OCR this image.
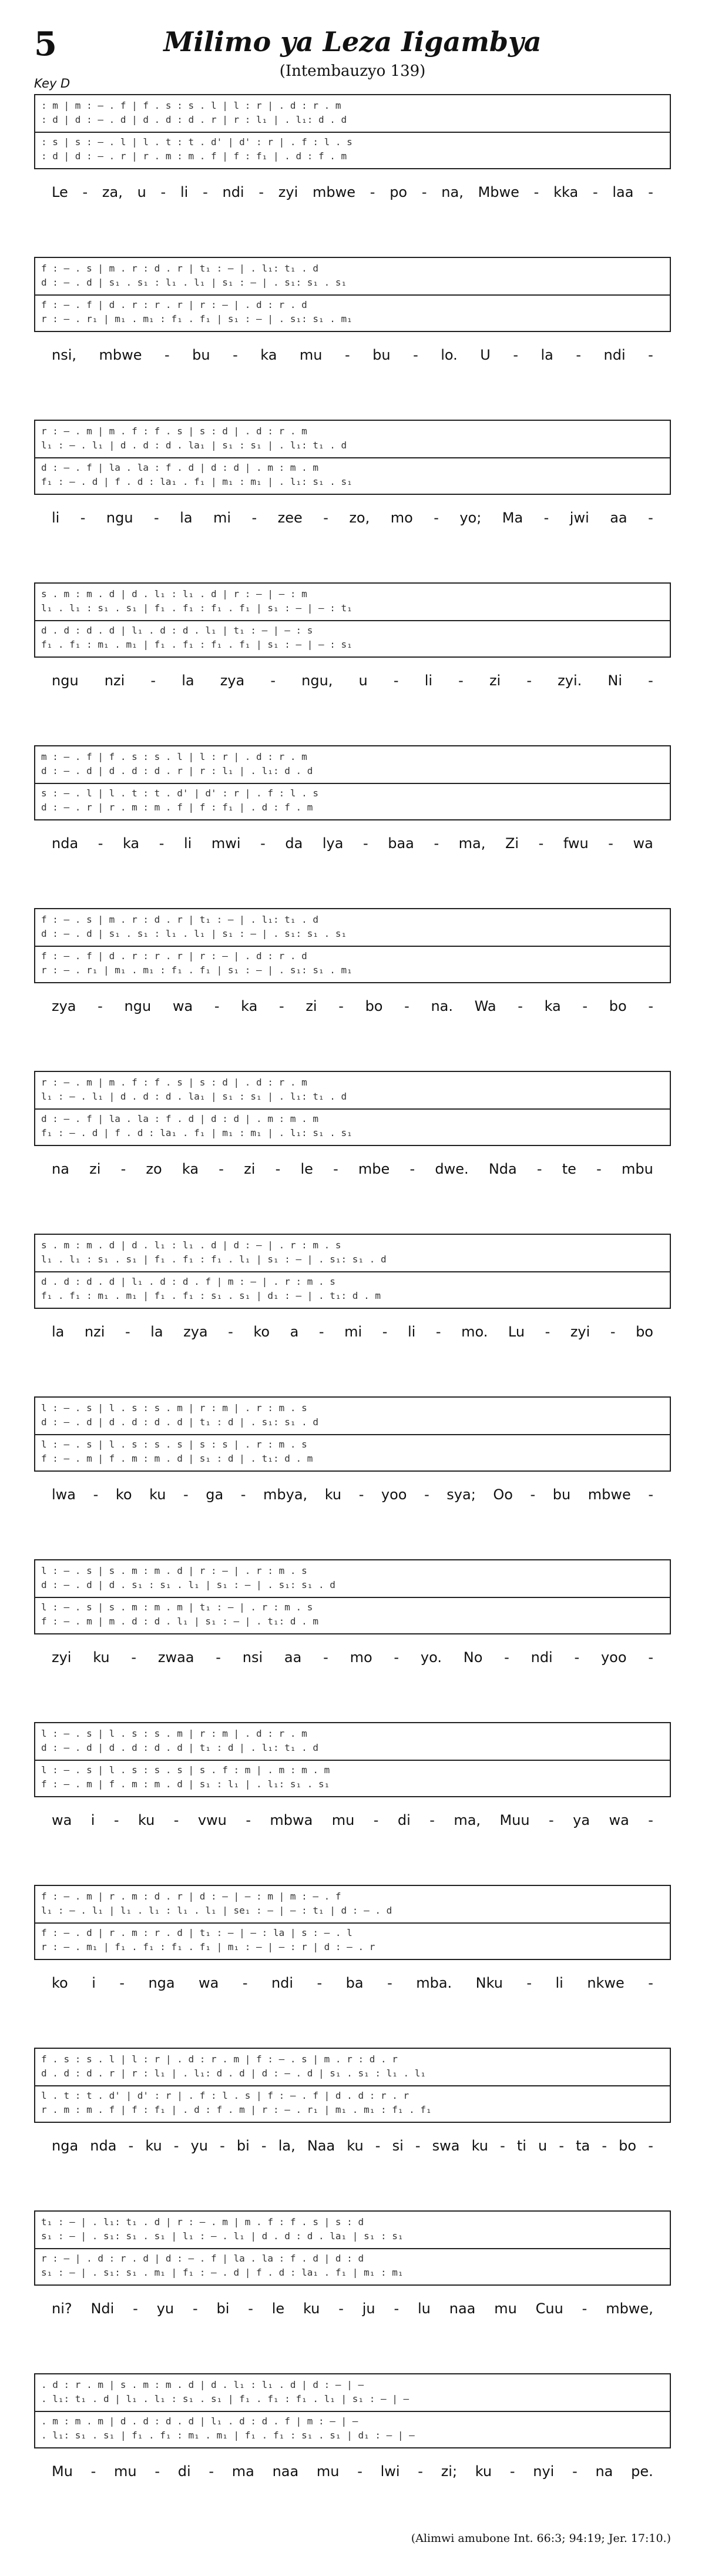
5	Milimo ya Leza Iigambya
(Intembauzyo 139)
Key D
: m | m : – . f | f . s : s . l | l : r | . d : r . m
: d | d : – . d | d . d : d . r | r : l₁ | . l₁: d . d
: s | s : – . l | l . t : t . d' | d' : r | . f : l . s
: d | d : – . r | r . m : m . f | f : f₁ | . d : f . m
Le - za, u - li - ndi - zyi mbwe - po - na, Mbwe - kka - laa -
f : – . s | m . r : d . r | t₁ : — | . l₁: t₁ . d
d : – . d | s₁ . s₁ : l₁ . l₁ | s₁ : — | . s₁: s₁ . s₁
f : – . f | d . r : r . r | r : — | . d : r . d
r : – . r₁ | m₁ . m₁ : f₁ . f₁ | s₁ : — | . s₁: s₁ . m₁
nsi, mbwe - bu - ka mu - bu - lo. U - la - ndi -
r : – . m | m . f : f . s | s : d | . d : r . m
l₁ : – . l₁ | d . d : d . la₁ | s₁ : s₁ | . l₁: t₁ . d
d : – . f | la . la : f . d | d : d | . m : m . m
f₁ : – . d | f . d : la₁ . f₁ | m₁ : m₁ | . l₁: s₁ . s₁
li - ngu - la mi - zee - zo, mo - yo; Ma - jwi aa -
s . m : m . d | d . l₁ : l₁ . d | r : — | — : m
l₁ . l₁ : s₁ . s₁ | f₁ . f₁ : f₁ . f₁ | s₁ : — | — : t₁
d . d : d . d | l₁ . d : d . l₁ | t₁ : — | — : s
f₁ . f₁ : m₁ . m₁ | f₁ . f₁ : f₁ . f₁ | s₁ : — | — : s₁
ngu nzi - la zya - ngu, u - li - zi - zyi. Ni -
m : – . f | f . s : s . l | l : r | . d : r . m
d : – . d | d . d : d . r | r : l₁ | . l₁: d . d
s : – . l | l . t : t . d' | d' : r | . f : l . s
d : – . r | r . m : m . f | f : f₁ | . d : f . m
nda - ka - li mwi - da lya - baa - ma, Zi - fwu - wa
f : – . s | m . r : d . r | t₁ : — | . l₁: t₁ . d
d : – . d | s₁ . s₁ : l₁ . l₁ | s₁ : — | . s₁: s₁ . s₁
f : – . f | d . r : r . r | r : — | . d : r . d
r : – . r₁ | m₁ . m₁ : f₁ . f₁ | s₁ : — | . s₁: s₁ . m₁
zya - ngu wa - ka - zi - bo - na. Wa - ka - bo -
r : – . m | m . f : f . s | s : d | . d : r . m
l₁ : – . l₁ | d . d : d . la₁ | s₁ : s₁ | . l₁: t₁ . d
d : – . f | la . la : f . d | d : d | . m : m . m
f₁ : – . d | f . d : la₁ . f₁ | m₁ : m₁ | . l₁: s₁ . s₁
na zi - zo ka - zi - le - mbe - dwe. Nda - te - mbu
s . m : m . d | d . l₁ : l₁ . d | d : — | . r : m . s
l₁ . l₁ : s₁ . s₁ | f₁ . f₁ : f₁ . l₁ | s₁ : — | . s₁: s₁ . d
d . d : d . d | l₁ . d : d . f | m : — | . r : m . s
f₁ . f₁ : m₁ . m₁ | f₁ . f₁ : s₁ . s₁ | d₁ : — | . t₁: d . m
la nzi - la zya - ko a - mi - li - mo. Lu - zyi - bo
l : – . s | l . s : s . m | r : m | . r : m . s
d : – . d | d . d : d . d | t₁ : d | . s₁: s₁ . d
l : – . s | l . s : s . s | s : s | . r : m . s
f : – . m | f . m : m . d | s₁ : d | . t₁: d . m
lwa - ko ku - ga - mbya, ku - yoo - sya; Oo - bu mbwe -
l : – . s | s . m : m . d | r : — | . r : m . s
d : – . d | d . s₁ : s₁ . l₁ | s₁ : — | . s₁: s₁ . d
l : – . s | s . m : m . m | t₁ : — | . r : m . s
f : – . m | m . d : d . l₁ | s₁ : — | . t₁: d . m
zyi ku - zwaa - nsi aa - mo - yo. No - ndi - yoo -
l : – . s | l . s : s . m | r : m | . d : r . m
d : – . d | d . d : d . d | t₁ : d | . l₁: t₁ . d
l : – . s | l . s : s . s | s . f : m | . m : m . m
f : – . m | f . m : m . d | s₁ : l₁ | . l₁: s₁ . s₁
wa i - ku - vwu - mbwa mu - di - ma, Muu - ya wa -
f : – . m | r . m : d . r | d : — | — : m | m : – . f
l₁ : – . l₁ | l₁ . l₁ : l₁ . l₁ | se₁ : — | — : t₁ | d : – . d
f : – . d | r . m : r . d | t₁ : — | — : la | s : – . l
r : – . m₁ | f₁ . f₁ : f₁ . f₁ | m₁ : — | — : r | d : – . r
ko i - nga wa - ndi - ba - mba. Nku - li nkwe -
f . s : s . l | l : r | . d : r . m | f : – . s | m . r : d . r
d . d : d . r | r : l₁ | . l₁: d . d | d : – . d | s₁ . s₁ : l₁ . l₁
l . t : t . d' | d' : r | . f : l . s | f : – . f | d . d : r . r
r . m : m . f | f : f₁ | . d : f . m | r : – . r₁ | m₁ . m₁ : f₁ . f₁
nga nda - ku - yu - bi - la, Naa ku - si - swa ku - ti u - ta - bo -
t₁ : — | . l₁: t₁ . d | r : – . m | m . f : f . s | s : d
s₁ : — | . s₁: s₁ . s₁ | l₁ : – . l₁ | d . d : d . la₁ | s₁ : s₁
r : — | . d : r . d | d : – . f | la . la : f . d | d : d
s₁ : — | . s₁: s₁ . m₁ | f₁ : – . d | f . d : la₁ . f₁ | m₁ : m₁
ni? Ndi - yu - bi - le ku - ju - lu naa mu Cuu - mbwe,
. d : r . m | s . m : m . d | d . l₁ : l₁ . d | d : — | —
. l₁: t₁ . d | l₁ . l₁ : s₁ . s₁ | f₁ . f₁ : f₁ . l₁ | s₁ : — | —
. m : m . m | d . d : d . d | l₁ . d : d . f | m : — | —
. l₁: s₁ . s₁ | f₁ . f₁ : m₁ . m₁ | f₁ . f₁ : s₁ . s₁ | d₁ : — | —
Mu - mu - di - ma naa mu - lwi - zi; ku - nyi - na pe.
(Alimwi amubone Int. 66:3; 94:19; Jer. 17:10.)
